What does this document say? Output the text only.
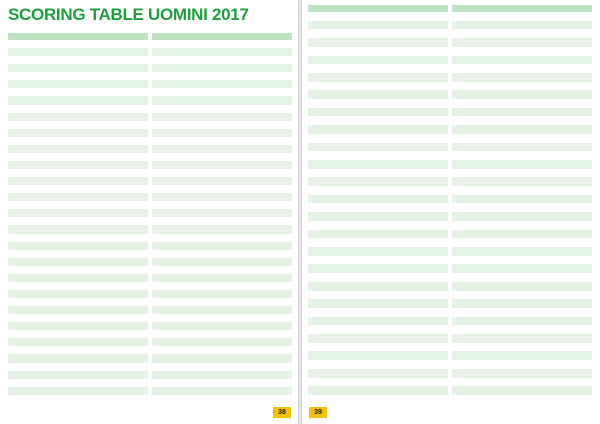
SCORING TABLE UOMINI 2017
38	39
